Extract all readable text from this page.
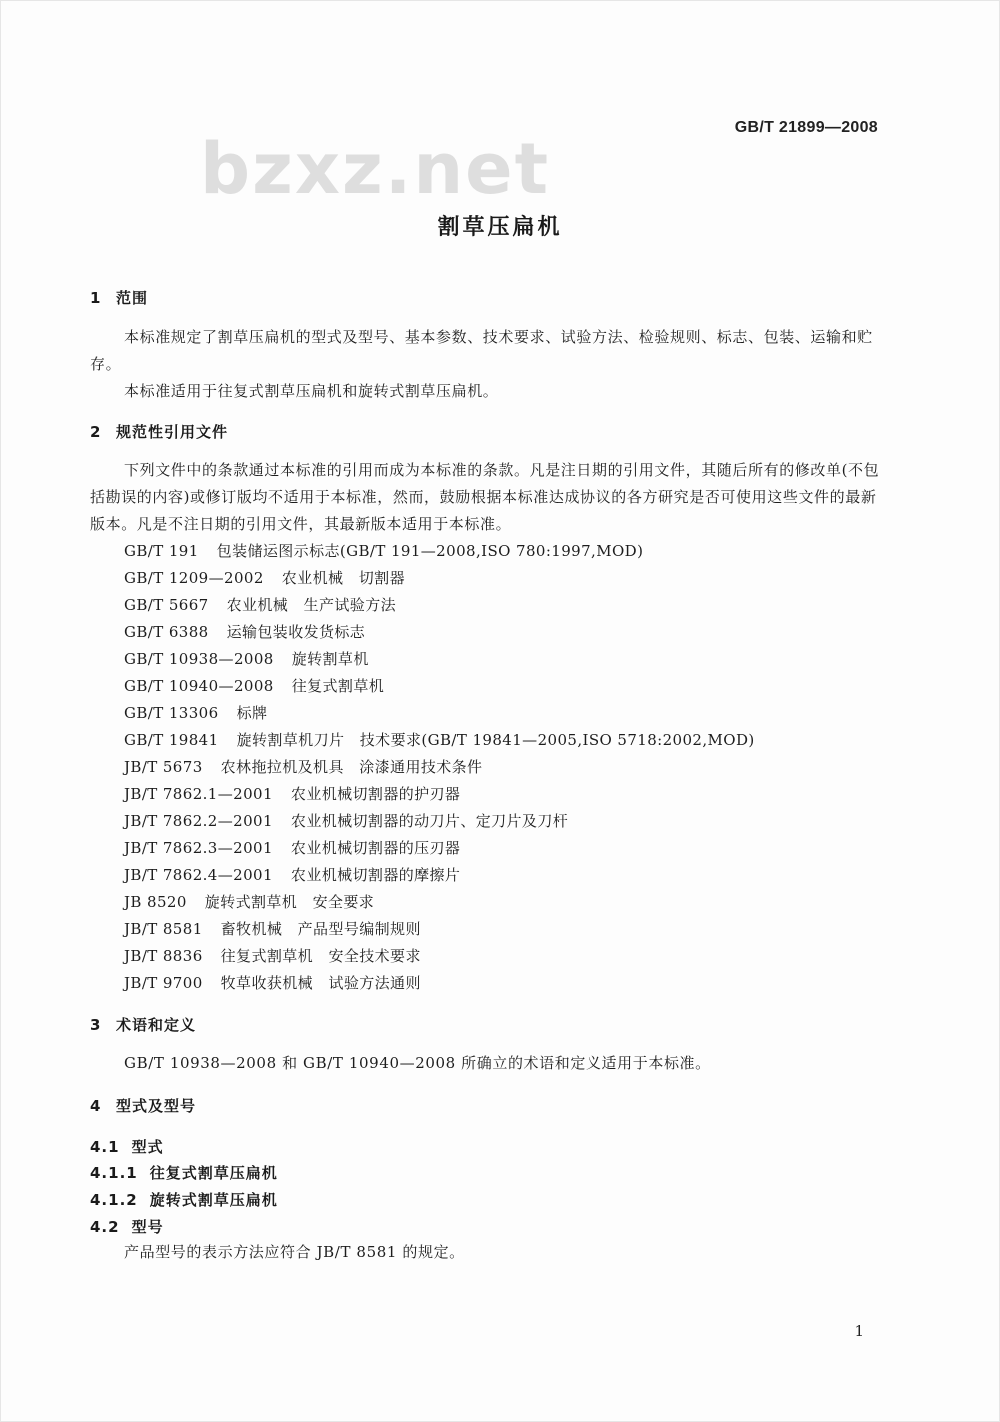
GB/T 21899—2008
bzxz.net
割草压扁机
1 范围

本标准规定了割草压扁机的型式及型号、基本参数、技术要求、试验方法、检验规则、标志、包装、运输和贮存。

本标准适用于往复式割草压扁机和旋转式割草压扁机。

2 规范性引用文件

下列文件中的条款通过本标准的引用而成为本标准的条款。凡是注日期的引用文件，其随后所有的修改单(不包括勘误的内容)或修订版均不适用于本标准，然而，鼓励根据本标准达成协议的各方研究是否可使用这些文件的最新版本。凡是不注日期的引用文件，其最新版本适用于本标准。

GB/T 191 包装储运图示标志(GB/T 191—2008,ISO 780:1997,MOD)
GB/T 1209—2002 农业机械　切割器
GB/T 5667 农业机械　生产试验方法
GB/T 6388 运输包装收发货标志
GB/T 10938—2008 旋转割草机
GB/T 10940—2008 往复式割草机
GB/T 13306 标牌
GB/T 19841 旋转割草机刀片　技术要求(GB/T 19841—2005,ISO 5718:2002,MOD)
JB/T 5673 农林拖拉机及机具　涂漆通用技术条件
JB/T 7862.1—2001 农业机械切割器的护刃器
JB/T 7862.2—2001 农业机械切割器的动刀片、定刀片及刀杆
JB/T 7862.3—2001 农业机械切割器的压刃器
JB/T 7862.4—2001 农业机械切割器的摩擦片
JB 8520 旋转式割草机　安全要求
JB/T 8581 畜牧机械　产品型号编制规则
JB/T 8836 往复式割草机　安全技术要求
JB/T 9700 牧草收获机械　试验方法通则
3 术语和定义

GB/T 10938—2008 和 GB/T 10940—2008 所确立的术语和定义适用于本标准。

4 型式及型号
4.1 型式
4.1.1 往复式割草压扁机
4.1.2 旋转式割草压扁机
4.2 型号

产品型号的表示方法应符合 JB/T 8581 的规定。

1
